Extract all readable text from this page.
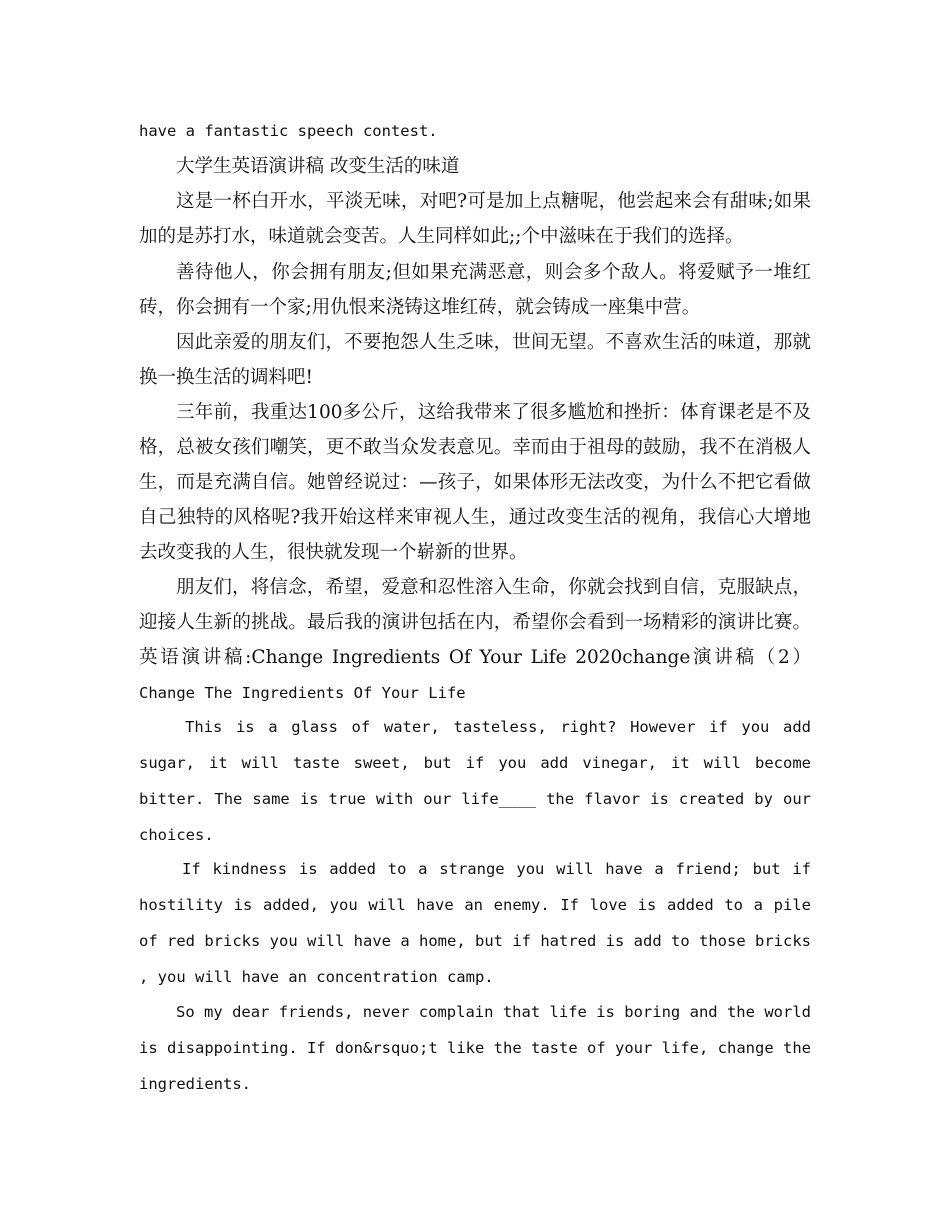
have a fantastic speech contest.
大学生英语演讲稿 改变生活的味道
这是一杯白开水，平淡无味，对吧?可是加上点糖呢，他尝起来会有甜味;如果
加的是苏打水，味道就会变苦。人生同样如此;;个中滋味在于我们的选择。
善待他人，你会拥有朋友;但如果充满恶意，则会多个敌人。将爱赋予一堆红
砖，你会拥有一个家;用仇恨来浇铸这堆红砖，就会铸成一座集中营。
因此亲爱的朋友们，不要抱怨人生乏味，世间无望。不喜欢生活的味道，那就
换一换生活的调料吧!
三年前，我重达100多公斤，这给我带来了很多尴尬和挫折：体育课老是不及
格，总被女孩们嘲笑，更不敢当众发表意见。幸而由于祖母的鼓励，我不在消极人
生，而是充满自信。她曾经说过：—孩子，如果体形无法改变，为什么不把它看做
自己独特的风格呢?我开始这样来审视人生，通过改变生活的视角，我信心大增地
去改变我的人生，很快就发现一个崭新的世界。
朋友们，将信念，希望，爱意和忍性溶入生命，你就会找到自信，克服缺点，
迎接人生新的挑战。最后我的演讲包括在内，希望你会看到一场精彩的演讲比赛。
英语演讲稿:Change Ingredients Of Your Life 2020change演讲稿（2）
Change The Ingredients Of Your Life
This is a glass of water, tasteless, right? However if you add
sugar, it will taste sweet, but if you add vinegar, it will become
bitter. The same is true with our life____ the flavor is created by our
choices.
If kindness is added to a strange you will have a friend; but if
hostility is added, you will have an enemy. If love is added to a pile
of red bricks you will have a home, but if hatred is add to those bricks
, you will have an concentration camp.
So my dear friends, never complain that life is boring and the world
is disappointing. If don&rsquo;t like the taste of your life, change the
ingredients.
